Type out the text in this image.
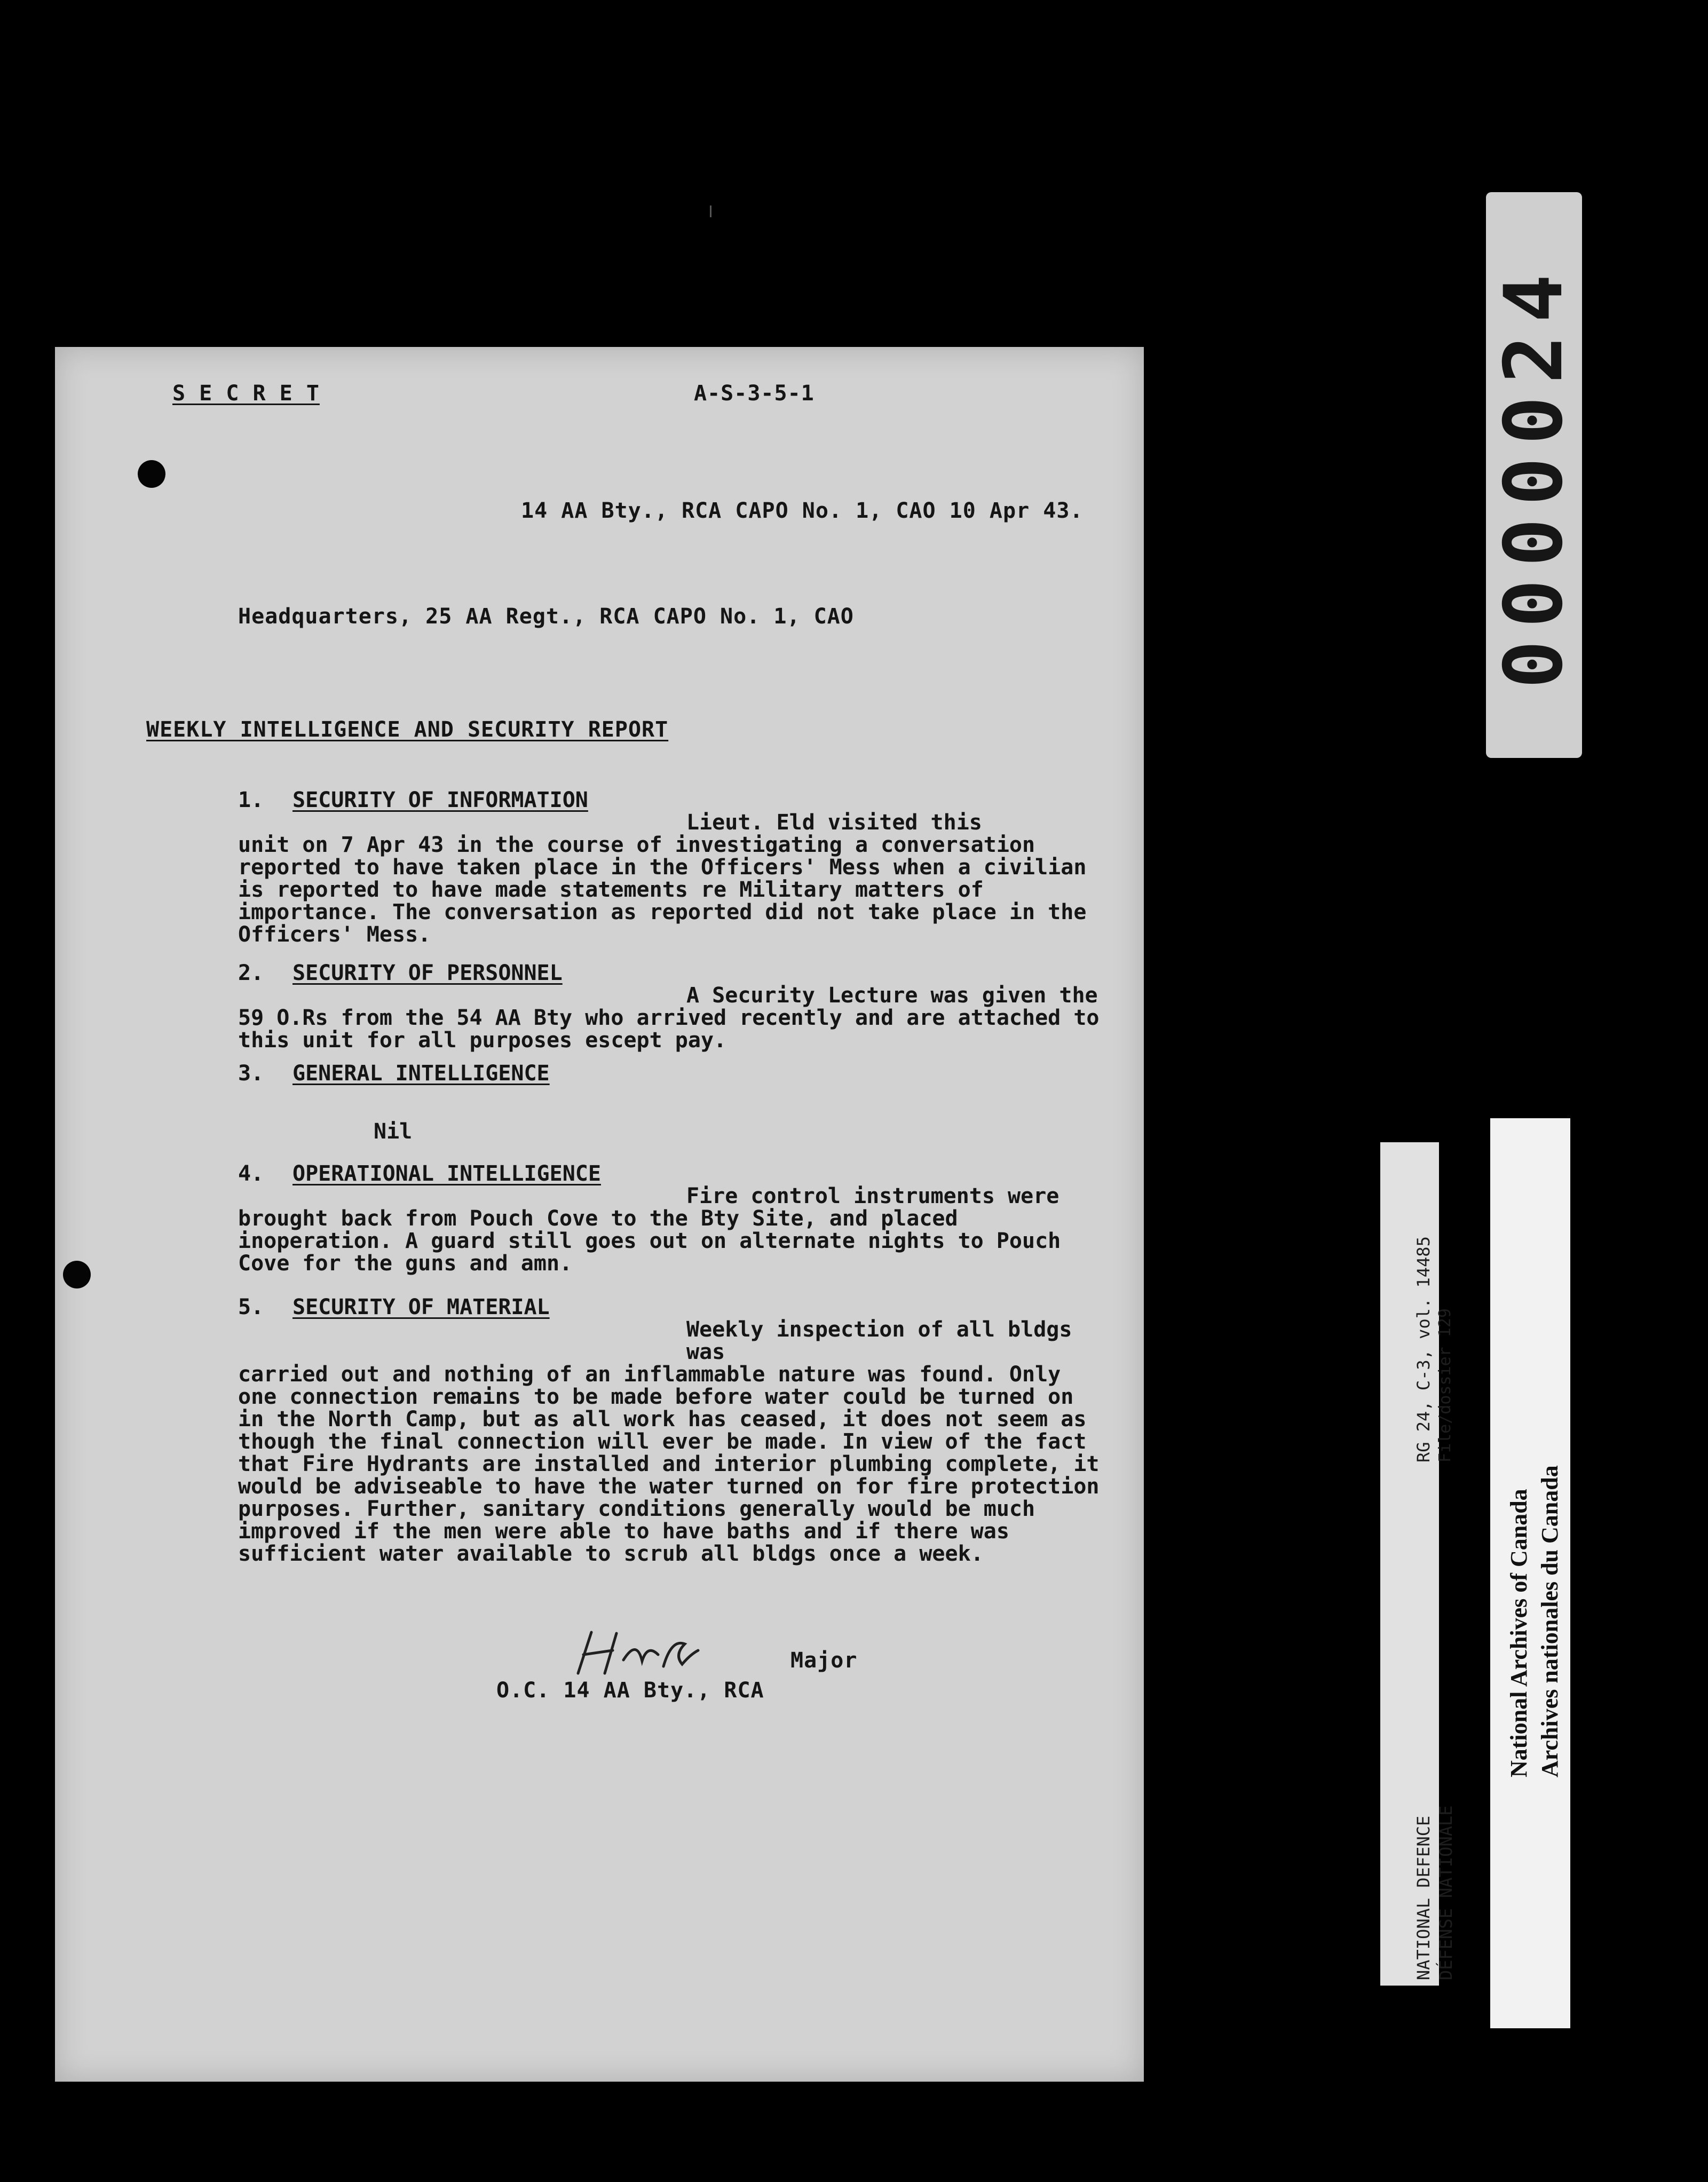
S E C R E T	A-S-3-5-1
14 AA Bty., RCA CAPO No. 1, CAO 10 Apr 43.
Headquarters, 25 AA Regt., RCA CAPO No. 1, CAO
WEEKLY INTELLIGENCE AND SECURITY REPORT
1. SECURITY OF INFORMATION
Lieut. Eld visited this
unit on 7 Apr 43 in the course of investigating a conversation reported to have taken place in the Officers' Mess when a civilian is reported to have made statements re Military matters of importance. The conversation as reported did not take place in the Officers' Mess.
2. SECURITY OF PERSONNEL
A Security Lecture was given the
59 O.Rs from the 54 AA Bty who arrived recently and are attached to this unit for all purposes escept pay.
3. GENERAL INTELLIGENCE
Nil
4. OPERATIONAL INTELLIGENCE
Fire control instruments were
brought back from Pouch Cove to the Bty Site, and placed inoperation. A guard still goes out on alternate nights to Pouch Cove for the guns and amn.
5. SECURITY OF MATERIAL
Weekly inspection of all bldgs was
carried out and nothing of an inflammable nature was found. Only one connection remains to be made before water could be turned on in the North Camp, but as all work has ceased, it does not seem as though the final connection will ever be made. In view of the fact that Fire Hydrants are installed and interior plumbing complete, it would be adviseable to have the water turned on for fire protection purposes. Further, sanitary conditions generally would be much improved if the men were able to have baths and if there was sufficient water available to scrub all bldgs once a week.
Major
O.C. 14 AA Bty., RCA
0000024
RG 24, C-3, vol. 14485 File/dossier 129
NATIONAL DEFENCE DÉFENSE NATIONALE
National Archives of Canada Archives nationales du Canada
